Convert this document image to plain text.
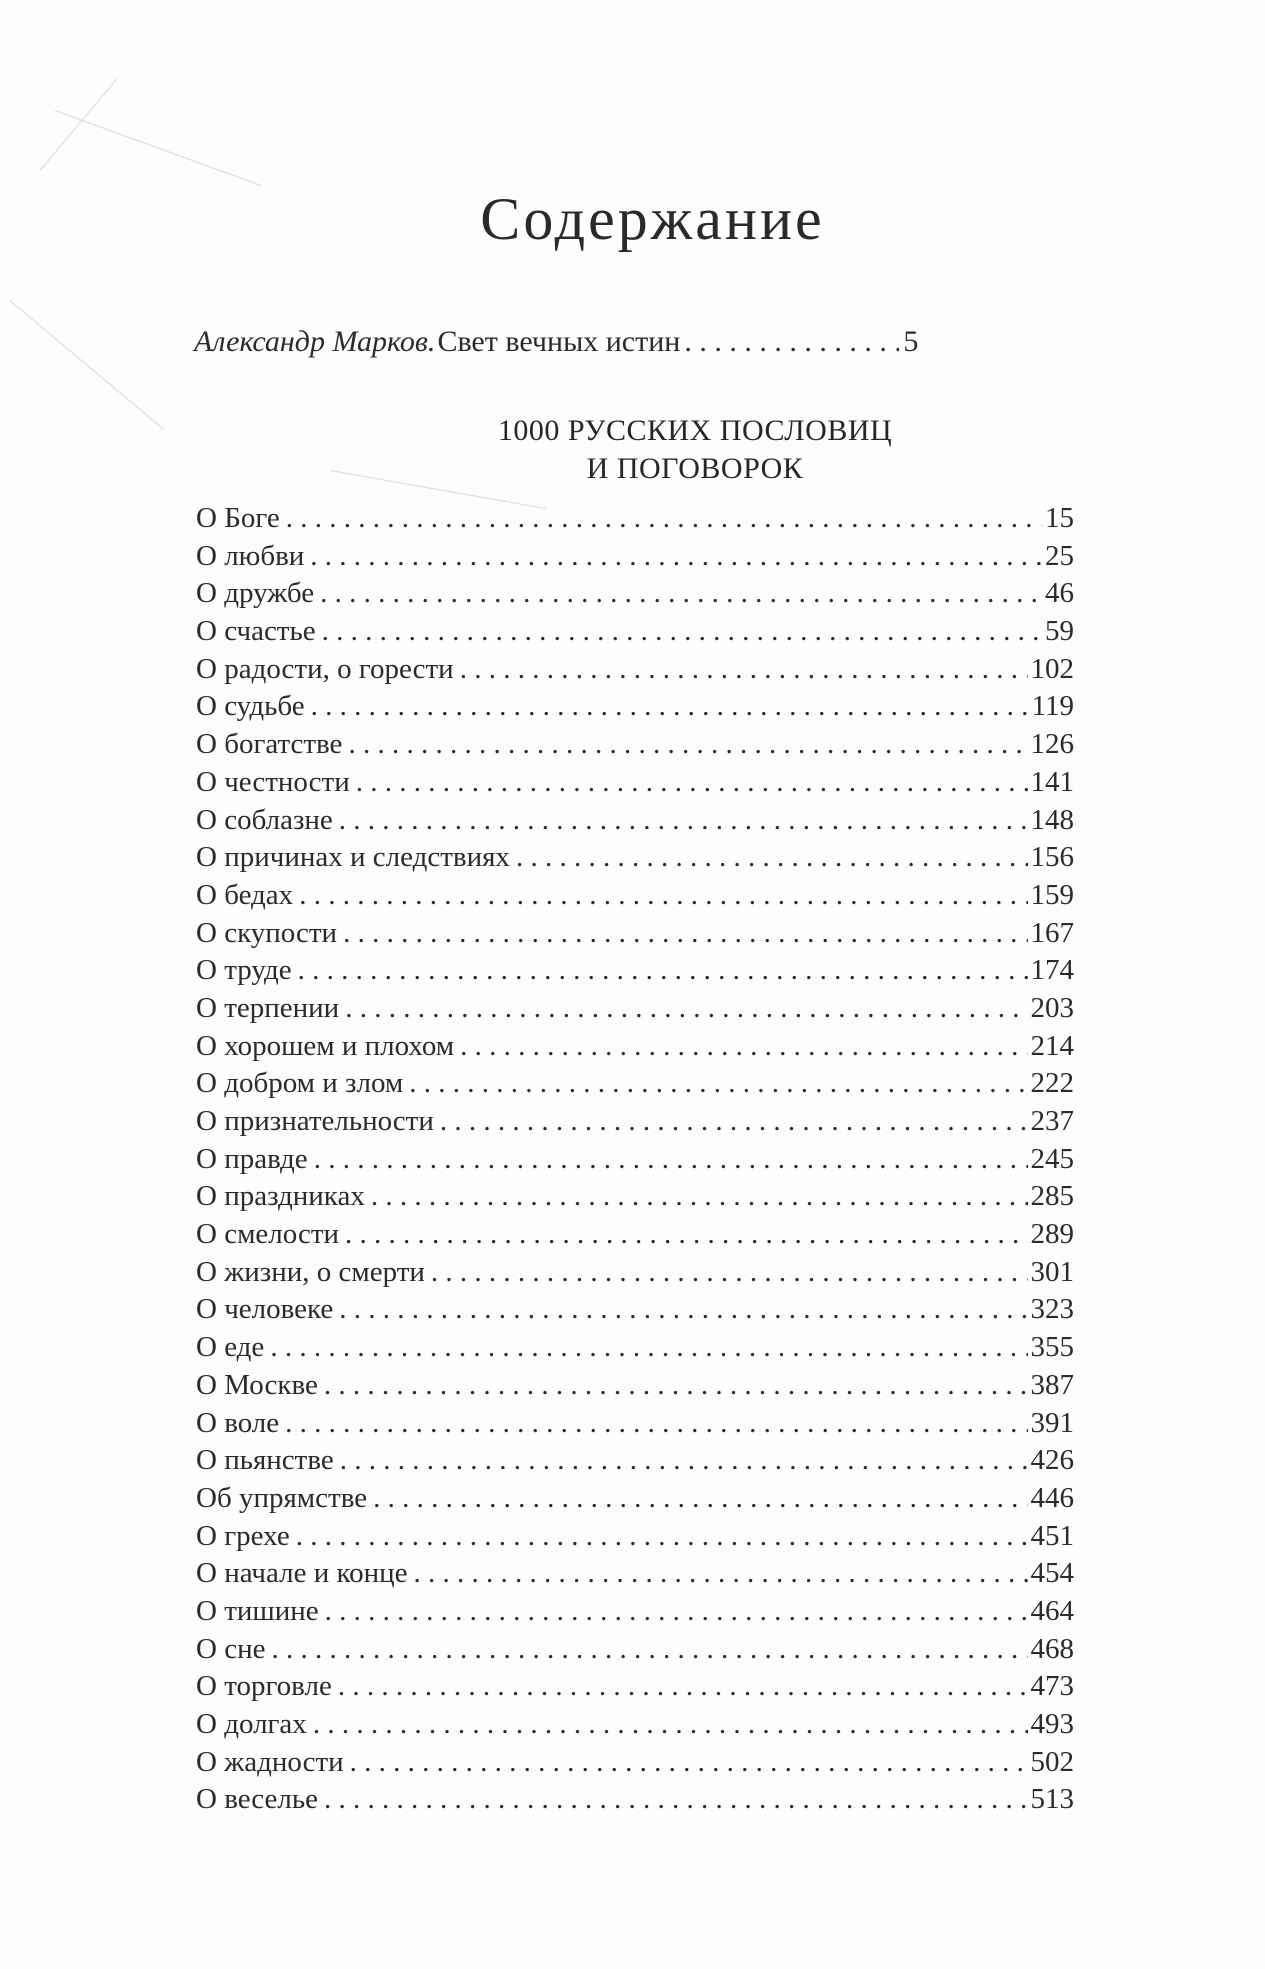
Содержание
Александр Марков. Свет вечных истин . . .	5
1000 РУССКИХ ПОСЛОВИЦ
И ПОГОВОРОК
О Боге . . .	15
О любви . . .	25
О дружбе . . .	46
О счастье . . .	59
О радости, о горести . . .	102
О судьбе . . .	119
О богатстве . . .	126
О честности . . .	141
О соблазне . . .	148
О причинах и следствиях . . .	156
О бедах . . .	159
О скупости . . .	167
О труде . . .	174
О терпении . . .	203
О хорошем и плохом . . .	214
О добром и злом . . .	222
О признательности . . .	237
О правде . . .	245
О праздниках . . .	285
О смелости . . .	289
О жизни, о смерти . . .	301
О человеке . . .	323
О еде . . .	355
О Москве . . .	387
О воле . . .	391
О пьянстве . . .	426
Об упрямстве . . .	446
О грехе . . .	451
О начале и конце . . .	454
О тишине . . .	464
О сне . . .	468
О торговле . . .	473
О долгах . . .	493
О жадности . . .	502
О веселье . . .	513
